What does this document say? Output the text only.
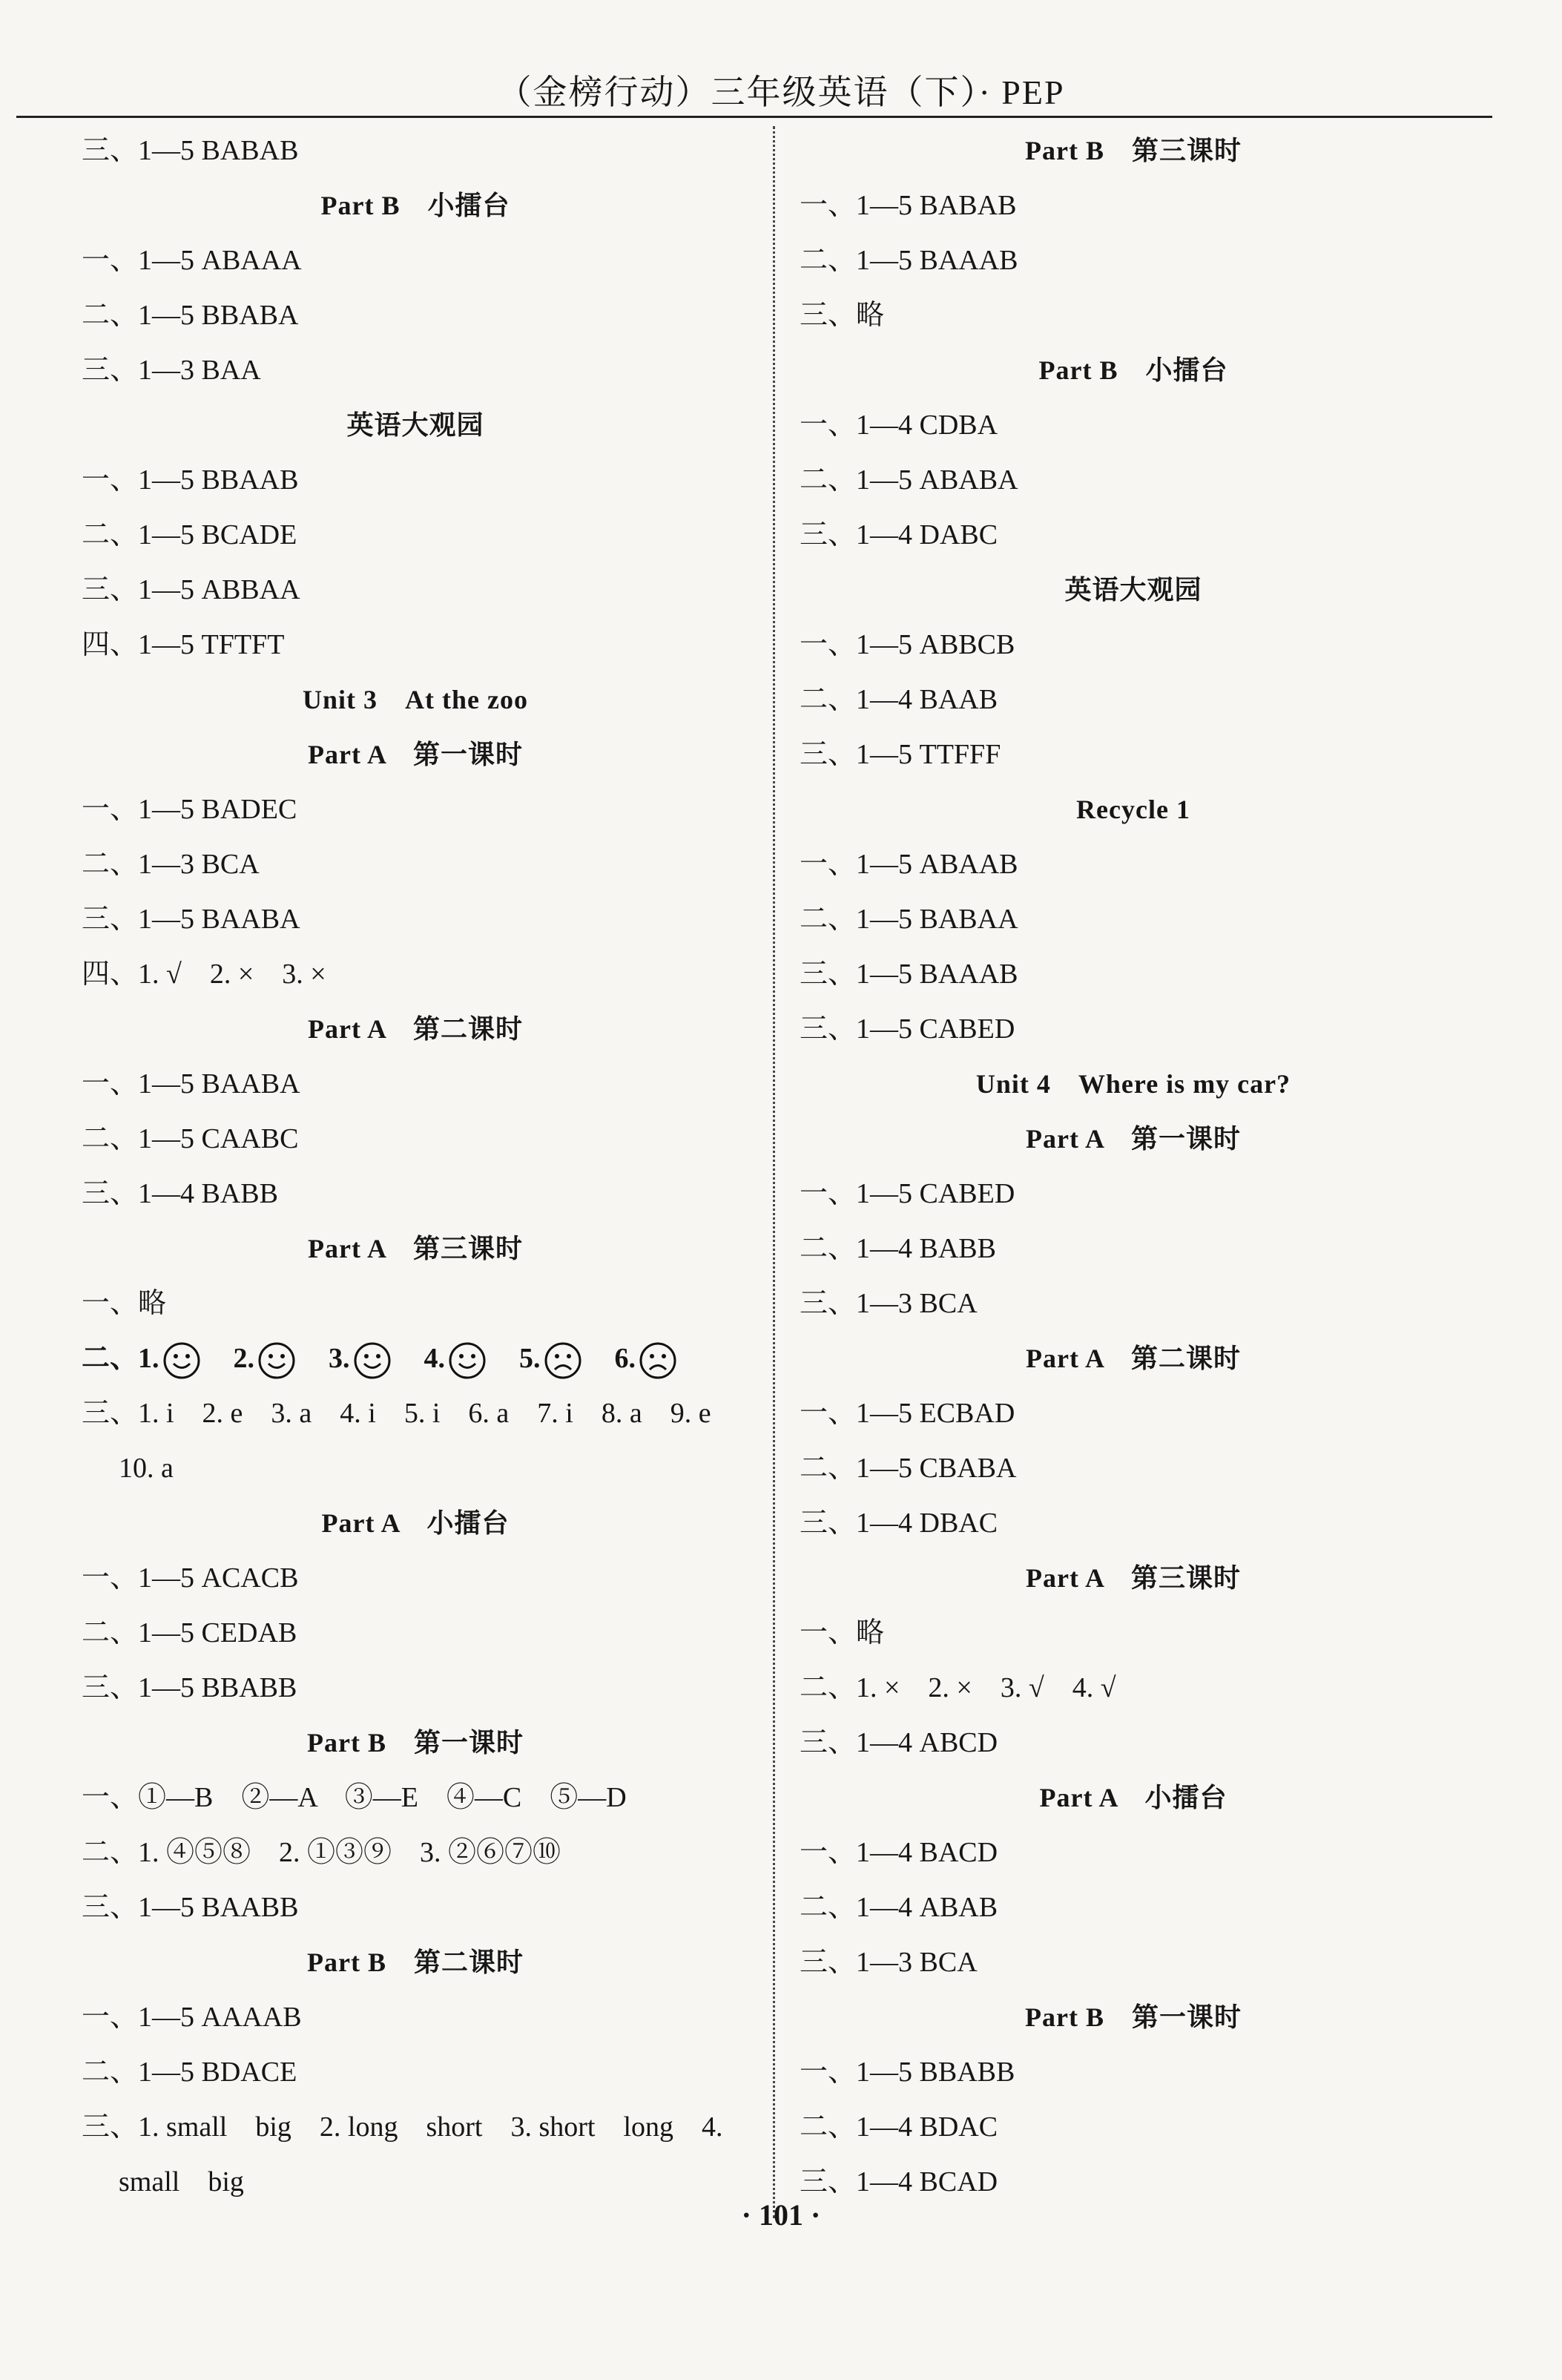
（金榜行动）三年级英语（下）· PEP
三、1—5 BABAB
Part B　小擂台
一、1—5 ABAAA
二、1—5 BBABA
三、1—3 BAA
英语大观园
一、1—5 BBAAB
二、1—5 BCADE
三、1—5 ABBAA
四、1—5 TFTFT
Unit 3　At the zoo
Part A　第一课时
一、1—5 BADEC
二、1—3 BCA
三、1—5 BAABA
四、1. √　2. ×　3. ×
Part A　第二课时
一、1—5 BAABA
二、1—5 CAABC
三、1—4 BABB
Part A　第三课时
一、略
二、1.	2.	3.	4.	5.	6.
三、1. i　2. e　3. a　4. i　5. i　6. a　7. i　8. a　9. e
10. a
Part A　小擂台
一、1—5 ACACB
二、1—5 CEDAB
三、1—5 BBABB
Part B　第一课时
一、①—B　②—A　③—E　④—C　⑤—D
二、1. ④⑤⑧　2. ①③⑨　3. ②⑥⑦⑩
三、1—5 BAABB
Part B　第二课时
一、1—5 AAAAB
二、1—5 BDACE
三、1. small　big　2. long　short　3. short　long　4.
small　big
Part B　第三课时
一、1—5 BABAB
二、1—5 BAAAB
三、略
Part B　小擂台
一、1—4 CDBA
二、1—5 ABABA
三、1—4 DABC
英语大观园
一、1—5 ABBCB
二、1—4 BAAB
三、1—5 TTFFF
Recycle 1
一、1—5 ABAAB
二、1—5 BABAA
三、1—5 BAAAB
三、1—5 CABED
Unit 4　Where is my car?
Part A　第一课时
一、1—5 CABED
二、1—4 BABB
三、1—3 BCA
Part A　第二课时
一、1—5 ECBAD
二、1—5 CBABA
三、1—4 DBAC
Part A　第三课时
一、略
二、1. ×　2. ×　3. √　4. √
三、1—4 ABCD
Part A　小擂台
一、1—4 BACD
二、1—4 ABAB
三、1—3 BCA
Part B　第一课时
一、1—5 BBABB
二、1—4 BDAC
三、1—4 BCAD
· 101 ·
